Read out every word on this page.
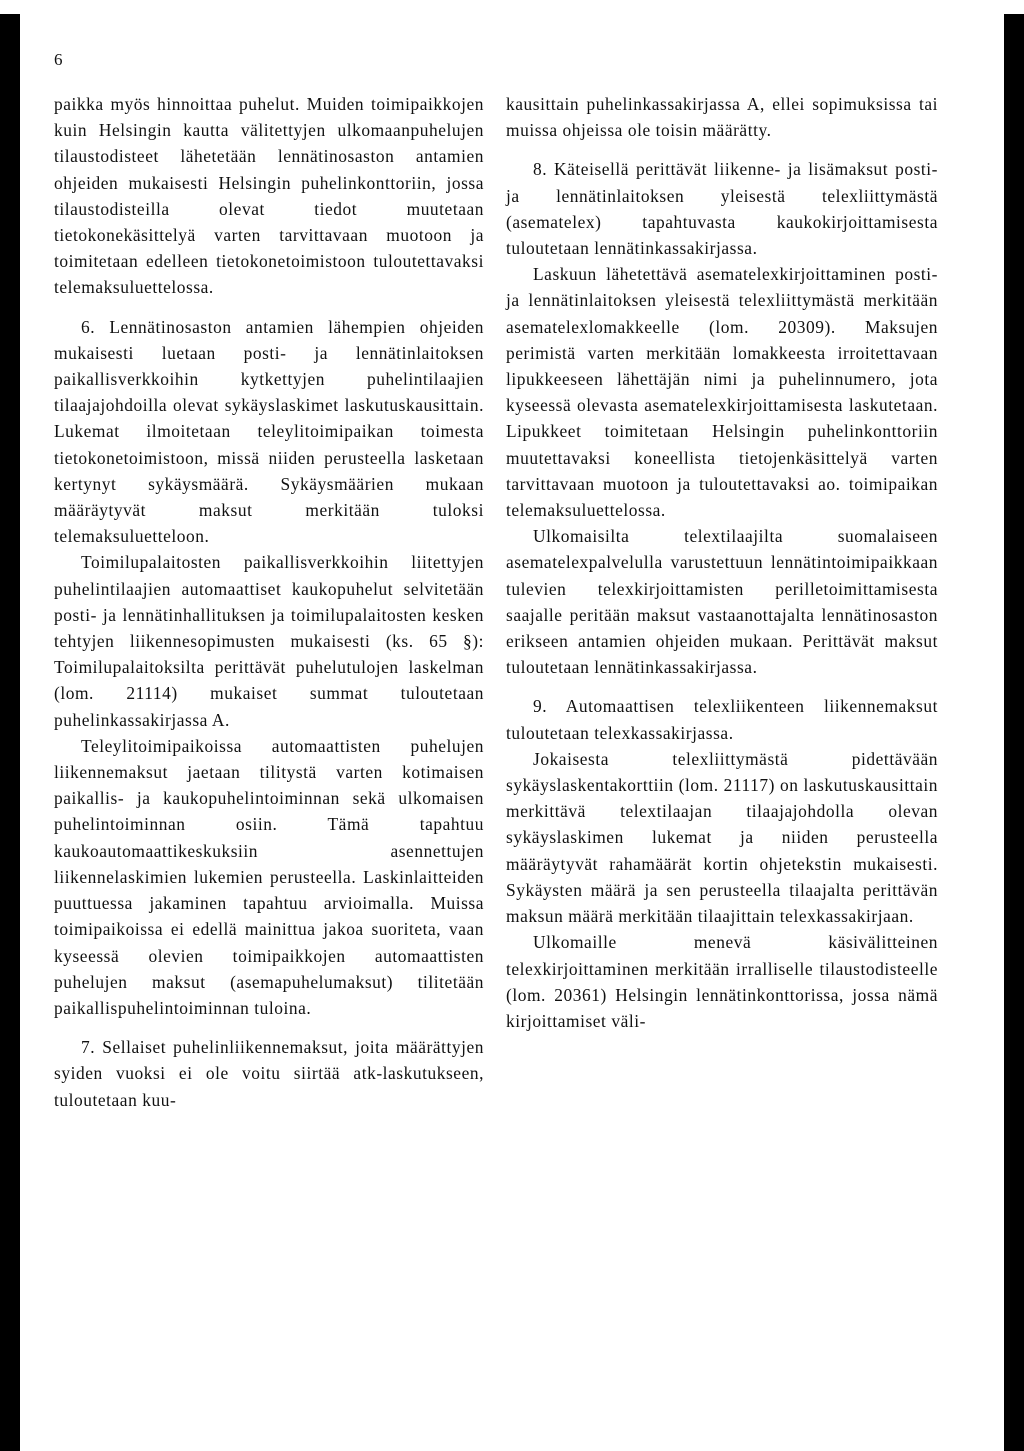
6

paikka myös hinnoittaa puhelut. Muiden toimipaikkojen kuin Helsingin kautta välitettyjen ulkomaanpuhelujen tilaustodisteet lähetetään lennätinosaston antamien ohjeiden mukaisesti Helsingin puhelinkonttoriin, jossa tilaustodisteilla olevat tiedot muutetaan tietokonekäsittelyä varten tarvittavaan muotoon ja toimitetaan edelleen tietokonetoimistoon tuloutettavaksi telemaksuluettelossa.

6. Lennätinosaston antamien lähempien ohjeiden mukaisesti luetaan posti- ja lennätinlaitoksen paikallisverkkoihin kytkettyjen puhelintilaajien tilaajajohdoilla olevat sykäyslaskimet laskutuskausittain. Lukemat ilmoitetaan teleylitoimipaikan toimesta tietokonetoimistoon, missä niiden perusteella lasketaan kertynyt sykäysmäärä. Sykäysmäärien mukaan määräytyvät maksut merkitään tuloksi telemaksuluetteloon.

Toimilupalaitosten paikallisverkkoihin liitettyjen puhelintilaajien automaattiset kaukopuhelut selvitetään posti- ja lennätinhallituksen ja toimilupalaitosten kesken tehtyjen liikennesopimusten mukaisesti (ks. 65 §): Toimilupalaitoksilta perittävät puhelutulojen laskelman (lom. 21114) mukaiset summat tuloutetaan puhelinkassakirjassa A.

Teleylitoimipaikoissa automaattisten puhelujen liikennemaksut jaetaan tilitystä varten kotimaisen paikallis- ja kaukopuhelintoiminnan sekä ulkomaisen puhelintoiminnan osiin. Tämä tapahtuu kaukoautomaattikeskuksiin asennettujen liikennelaskimien lukemien perusteella. Laskinlaitteiden puuttuessa jakaminen tapahtuu arvioimalla. Muissa toimipaikoissa ei edellä mainittua jakoa suoriteta, vaan kyseessä olevien toimipaikkojen automaattisten puhelujen maksut (asemapuhelumaksut) tilitetään paikallispuhelintoiminnan tuloina.

7. Sellaiset puhelinliikennemaksut, joita määrättyjen syiden vuoksi ei ole voitu siirtää atk-laskutukseen, tuloutetaan kuu-

kausittain puhelinkassakirjassa A, ellei sopimuksissa tai muissa ohjeissa ole toisin määrätty.

8. Käteisellä perittävät liikenne- ja lisämaksut posti- ja lennätinlaitoksen yleisestä telexliittymästä (asematelex) tapahtuvasta kaukokirjoittamisesta tuloutetaan lennätinkassakirjassa.

Laskuun lähetettävä asematelexkirjoittaminen posti- ja lennätinlaitoksen yleisestä telexliittymästä merkitään asematelexlomakkeelle (lom. 20309). Maksujen perimistä varten merkitään lomakkeesta irroitettavaan lipukkeeseen lähettäjän nimi ja puhelinnumero, jota kyseessä olevasta asematelexkirjoittamisesta laskutetaan. Lipukkeet toimitetaan Helsingin puhelinkonttoriin muutettavaksi koneellista tietojenkäsittelyä varten tarvittavaan muotoon ja tuloutettavaksi ao. toimipaikan telemaksuluettelossa.

Ulkomaisilta telextilaajilta suomalaiseen asematelexpalvelulla varustettuun lennätintoimipaikkaan tulevien telexkirjoittamisten perilletoimittamisesta saajalle peritään maksut vastaanottajalta lennätinosaston erikseen antamien ohjeiden mukaan. Perittävät maksut tuloutetaan lennätinkassakirjassa.

9. Automaattisen telexliikenteen liikennemaksut tuloutetaan telexkassakirjassa.

Jokaisesta telexliittymästä pidettävään sykäyslaskentakorttiin (lom. 21117) on laskutuskausittain merkittävä telextilaajan tilaajajohdolla olevan sykäyslaskimen lukemat ja niiden perusteella määräytyvät rahamäärät kortin ohjetekstin mukaisesti. Sykäysten määrä ja sen perusteella tilaajalta perittävän maksun määrä merkitään tilaajittain telexkassakirjaan.

Ulkomaille menevä käsivälitteinen telexkirjoittaminen merkitään irralliselle tilaustodisteelle (lom. 20361) Helsingin lennätinkonttorissa, jossa nämä kirjoittamiset väli-
